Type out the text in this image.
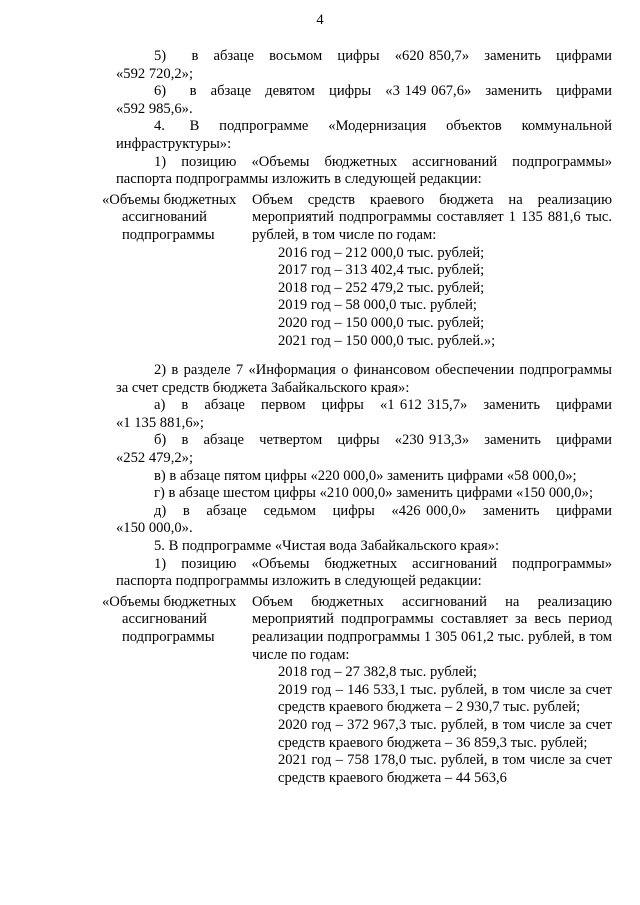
4

5)     в   абзаце   восьмом   цифры   «620 850,7»   заменить   цифрами

«592 720,2»;

6)     в   абзаце   девятом   цифры   «3 149 067,6»   заменить   цифрами

«592 985,6».

4.     В    подпрограмме    «Модернизация    объектов    коммунальной

инфраструктуры»:

1)  позицию  «Объемы  бюджетных  ассигнований  подпрограммы»

паспорта подпрограммы изложить в следующей редакции:

«Объемы бюджетных
ассигнований
подпрограммы

Объем средств краевого бюджета на реализацию мероприятий подпрограммы составляет 1 135 881,6 тыс. рублей, в том числе по годам:

2016 год – 212 000,0 тыс. рублей;
2017 год – 313 402,4 тыс. рублей;
2018 год – 252 479,2 тыс. рублей;
2019 год – 58 000,0 тыс. рублей;
2020 год – 150 000,0 тыс. рублей;
2021 год – 150 000,0 тыс. рублей.»;

2) в разделе 7 «Информация о финансовом обеспечении подпрограммы

за счет средств бюджета Забайкальского края»:

а)   в   абзаце   первом   цифры   «1 612 315,7»   заменить   цифрами

«1 135 881,6»;

б)   в   абзаце   четвертом   цифры   «230 913,3»   заменить   цифрами

«252 479,2»;

в) в абзаце пятом цифры «220 000,0» заменить цифрами «58 000,0»;

г) в абзаце шестом цифры «210 000,0» заменить цифрами «150 000,0»;

д)   в   абзаце   седьмом   цифры   «426 000,0»   заменить   цифрами

«150 000,0».

5. В подпрограмме «Чистая вода Забайкальского края»:

1)  позицию  «Объемы  бюджетных  ассигнований  подпрограммы»

паспорта подпрограммы изложить в следующей редакции:

«Объемы бюджетных
ассигнований
подпрограммы

Объем бюджетных ассигнований на реализацию мероприятий подпрограммы составляет за весь период реализации подпрограммы 1 305 061,2 тыс. рублей, в том числе по годам:

2018 год – 27 382,8 тыс. рублей;

2019 год – 146 533,1 тыс. рублей, в том числе за счет средств краевого бюджета – 2 930,7 тыс. рублей;

2020 год – 372 967,3 тыс. рублей, в том числе за счет средств краевого бюджета – 36 859,3 тыс. рублей;

2021 год – 758 178,0 тыс. рублей, в том числе за счет средств краевого бюджета – 44 563,6
